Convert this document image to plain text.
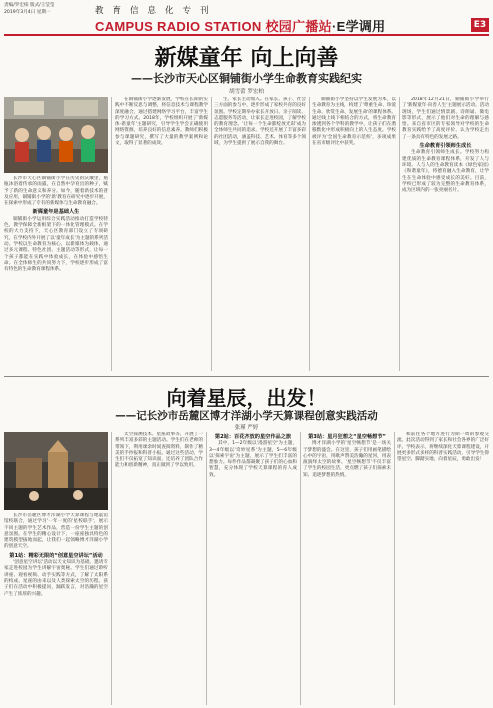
责编/罗宏柏 版式/王莹莹
2019年3月4日 星期一	教育信息化专刊
CAMPUS RADIO STATION 校园广播站·E学调用	E3
新媒童年 向上向善
——长沙市天心区铜铺街小学生命教育实践纪实
胡雪蕾 罗宏柏

长沙市天心区铜铺街小学在历史的沃壤里，瓶瓶沐浴着传承的雨露，在自然中孕育出的种子，赋予了新的生命意义和养分。如今，随着新技术的普及应用，铜铺街小学的'新'教育在研究中逐步开展，在探索中形成了专有的新媒体与生命教育融合。

新媒童年是基础人生

铜铺街小学运用综合实践活动推动打造学校特色，教学保障全新框架下的一体化管理模式。在学校的大力支持下，天心区教育部门设立了专项研究，在学校内外开展了以'童年成长'为主题的系列活动。学校以生命教育为核心，以新媒体为载体，通过多元课程、特色社团、主题活动等形式，让每一个孩子都能在实践中体验成长，在体验中感悟生命。在全体师生的共同努力下，学校逐步形成了富有特色的生命教育课程体系。

在铜铺街小学逐渐发展，学校在长期的实践中不断反思与调整，将信息技术与课程教学深度融合，通过搭建网络学习平台，丰富学生的学习方式。2018年，学校组织开展了'新媒体·新童年'主题研究，引导学生学会正确使用网络资源，培养良好的信息素养。教师们积极参与课题研究，撰写了大量的教学案例和论文，取得了显著的成效。

生、家长主动加入。在家长、孩子、社会三方面的参与中，逐步形成了家校共育的良好氛围。学校定期举办家长开放日、亲子阅读、志愿服务等活动，让家长走进校园，了解学校的教育理念。'让每一个生命都绽放光彩'成为全体师生共同的追求。学校还开展了丰富多彩的社团活动，涵盖科技、艺术、体育等多个领域，为学生提供了展示自我的舞台。

铜铺街小学坚持以学生发展为本，以生命教育为主线，构建了'尊重生命、珍爱生命、欣赏生命、发展生命'的课程体系。通过线上线下相结合的方式，将生命教育渗透到各个学科的教学中，让孩子们在潜移默化中形成积极向上的人生态度。学校被评为'全国生命教育示范校'，多项成果在省市级评比中获奖。

2018年12月21日，铜铺街小学举行了'新媒童年·向善人生'主题展示活动。活动现场，学生们通过情景剧、诗朗诵、微电影等形式，展示了他们对生命的理解与感悟。来自省市区的专家领导对学校的生命教育实践给予了高度评价，认为学校走出了一条具有特色的发展之路。

生命教育引领师生成长

生命教育引领师生成长。学校努力构建优质的生命教育课程体系，开发了人与环境、人与人的生命教育读本《绿色家园》《和谐童年》，将德育融入生命教育，让学生在生命体验中感受成长的美好。目前，学校已形成了较为完整的生命教育体系，成为区域内的一张亮丽名片。

向着星辰，出发！
——记长沙市岳麓区博才洋湖小学天算课程创意实践活动
张瑾 严婷

长沙市岳麓区博才洋湖小学天算课程与地震馆馆校联合，通过学习'一年一度的'星校联手'，展示不同主题的学生艺术作品，营造一份学生主题的创意氛围。在学生的精心设计下，一座座独具特色的建筑模型拔地而起，让我们一起领略博才洋湖小学的创意天空。

第1站：精彩无限的“创意星空讲坛”活动

'创意星空讲坛'活动以天文知识为基础，邀请专家走进校园为学生讲解宇宙奥秘。学生们通过聆听讲座、观看视频、动手实践等方式，了解了太阳系的构成、星座的由来以及人类探索太空的历程。孩子们在活动中积极提问，踊跃发言，对浩瀚的星空产生了浓厚的兴趣。

太空探测技术、星座故事等，开展了一系列丰富多彩的主题活动。学生们在老师的带领下，利用课余时间查阅资料，制作了精美的手抄报和科普小报。通过这些活动，学生们不仅拓宽了知识面，还培养了团队合作能力和创新精神，真正做到了学以致用。

第2站：百花齐放的星空作品之旅

其中，1—2年级以'漫游星空'为主题，3—4年级以'奇妙星系'为主题，5—6年级以'探索宇宙'为主题，展示了学生们丰富的想象力。每件作品都凝聚了孩子们的心血和智慧，充分体现了学校天算课程的育人成效。

第3站：星月狂想之“星空畅想节”

博才洋湖小学的'星空畅想节'是一场关于梦想的盛会。在这里，孩子们用画笔描绘心中的宇宙，用歌声赞美浩瀚的星河，用表演演绎太空的故事。'星空畅想节'不仅丰富了学生的校园生活，更点燃了孩子们探索未知、追逐梦想的热情。

和前往各个地方进行为期一周的参观交流。此次活动得到了家长和社会各界的广泛好评。学校表示，将继续深化天算课程建设，开展更多形式多样的科普实践活动，引导学生仰望星空、脚踏实地，向着星辰，勇敢出发！
